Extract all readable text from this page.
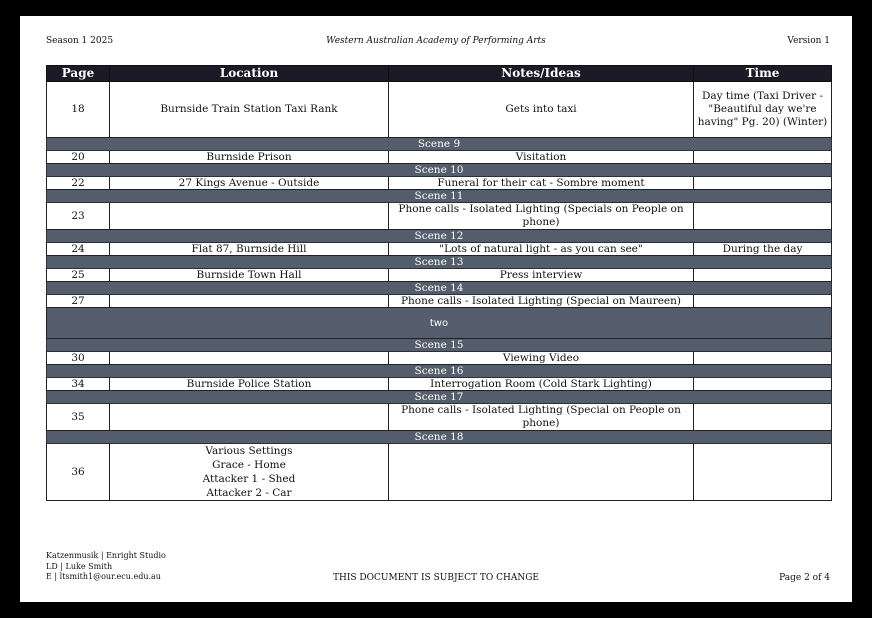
Season 1 2025	Western Australian Academy of Performing Arts	Version 1
Page	Location	Notes/Ideas	Time
18	Burnside Train Station Taxi Rank	Gets into taxi	Day time (Taxi Driver - "Beautiful day we're having" Pg. 20) (Winter)
Scene 9			
20	Burnside Prison	Visitation	
Scene 10			
22	27 Kings Avenue - Outside	Funeral for their cat - Sombre moment	
Scene 11			
23		Phone calls - Isolated Lighting (Specials on People on phone)	
Scene 12			
24	Flat 87, Burnside Hill	"Lots of natural light - as you can see"	During the day
Scene 13			
25	Burnside Town Hall	Press interview	
Scene 14			
27		Phone calls - Isolated Lighting (Special on Maureen)	
two			
Scene 15			
30		Viewing Video	
Scene 16			
34	Burnside Police Station	Interrogation Room (Cold Stark Lighting)	
Scene 17			
35		Phone calls - Isolated Lighting (Special on People on phone)	
Scene 18			
36	Various Settings
Grace - Home
Attacker 1 - Shed
Attacker 2 - Car		

Katzenmusik | Enright Studio
LD | Luke Smith
E | ltsmith1@our.ecu.edu.au	THIS DOCUMENT IS SUBJECT TO CHANGE	Page 2 of 4
